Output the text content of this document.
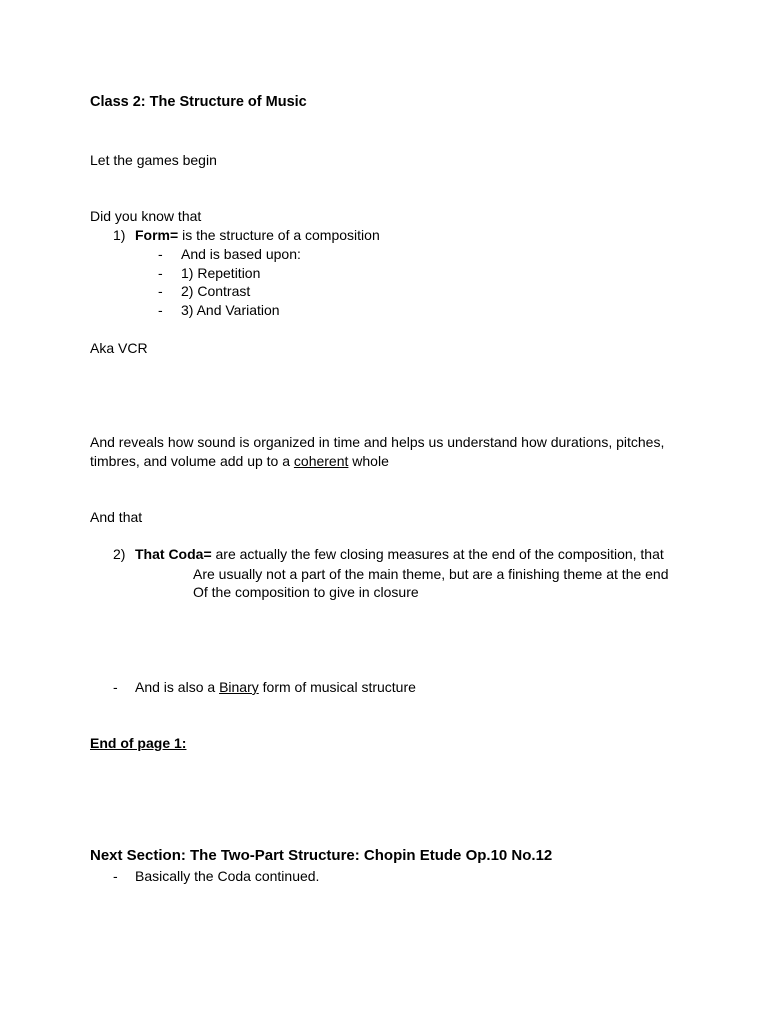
Class 2: The Structure of Music
Let the games begin
Did you know that
1) Form= is the structure of a composition
- And is based upon:
- 1) Repetition
- 2) Contrast
- 3) And Variation
Aka VCR
And reveals how sound is organized in time and helps us understand how durations, pitches,
timbres, and volume add up to a coherent whole
And that
2) That Coda= are actually the few closing measures at the end of the composition, that
Are usually not a part of the main theme, but are a finishing theme at the end
Of the composition to give in closure
- And is also a Binary form of musical structure
End of page 1:
Next Section: The Two-Part Structure: Chopin Etude Op.10 No.12
- Basically the Coda continued.
